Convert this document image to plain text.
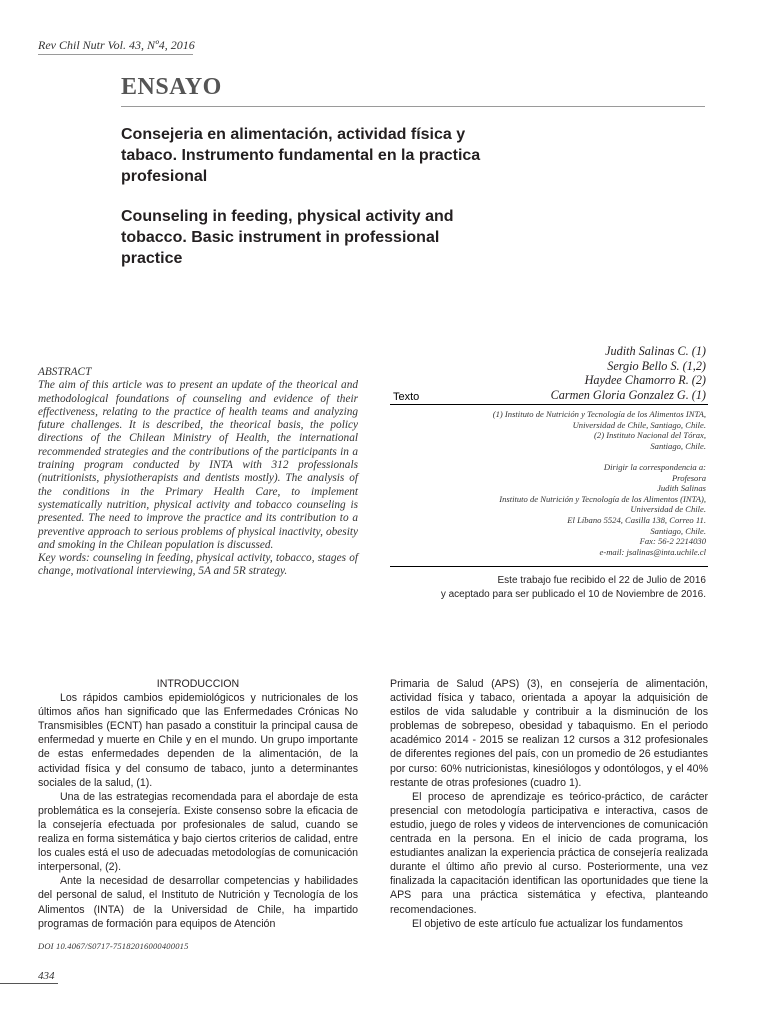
Rev Chil Nutr Vol. 43, Nº4, 2016
ENSAYO
Consejeria en alimentación, actividad física y tabaco. Instrumento fundamental en la practica profesional
Counseling in feeding, physical activity and tobacco. Basic instrument in professional practice

ABSTRACT

The aim of this article was to present an update of the theorical and methodological foundations of counseling and evidence of their effectiveness, relating to the practice of health teams and analyzing future challenges. It is described, the theorical basis, the policy directions of the Chilean Ministry of Health, the international recommended strategies and the contributions of the participants in a training program conducted by INTA with 312 professionals (nutritionists, physiotherapists and dentists mostly). The analysis of the conditions in the Primary Health Care, to implement systematically nutrition, physical activity and tobacco counseling is presented. The need to improve the practice and its contribution to a preventive approach to serious problems of physical inactivity, obesity and smoking in the Chilean population is discussed.

Key words: counseling in feeding, physical activity, tobacco, stages of change, motivational interviewing, 5A and 5R strategy.

Judith Salinas C. (1)
Sergio Bello S. (1,2)
Haydee Chamorro R. (2)
Carmen Gloria Gonzalez G. (1)
Texto
(1) Instituto de Nutrición y Tecnología de los Alimentos INTA,
Universidad de Chile, Santiago, Chile.
(2) Instituto Nacional del Tórax,
Santiago, Chile.
Dirigir la correspondencia a:
Profesora
Judith Salinas
Instituto de Nutrición y Tecnología de los Alimentos (INTA),
Universidad de Chile.
El Líbano 5524, Casilla 138, Correo 11.
Santiago, Chile.
Fax: 56-2 2214030
e-mail: jsalinas@inta.uchile.cl
Este trabajo fue recibido el 22 de Julio de 2016
y aceptado para ser publicado el 10 de Noviembre de 2016.
INTRODUCCION

Los rápidos cambios epidemiológicos y nutricionales de los últimos años han significado que las Enfermedades Crónicas No Transmisibles (ECNT) han pasado a constituir la principal causa de enfermedad y muerte en Chile y en el mundo. Un grupo importante de estas enfermedades dependen de la alimentación, de la actividad física y del consumo de tabaco, junto a determinantes sociales de la salud, (1).

Una de las estrategias recomendada para el abordaje de esta problemática es la consejería. Existe consenso sobre la eficacia de la consejería efectuada por profesionales de salud, cuando se realiza en forma sistemática y bajo ciertos criterios de calidad, entre los cuales está el uso de adecuadas metodologías de comunicación interpersonal, (2).

Ante la necesidad de desarrollar competencias y habilidades del personal de salud, el Instituto de Nutrición y Tecnología de los Alimentos (INTA) de la Universidad de Chile, ha impartido programas de formación para equipos de Atención

Primaria de Salud (APS) (3), en consejería de alimentación, actividad física y tabaco, orientada a apoyar la adquisición de estilos de vida saludable y contribuir a la disminución de los problemas de sobrepeso, obesidad y tabaquismo. En el periodo académico 2014 - 2015 se realizan 12 cursos a 312 profesionales de diferentes regiones del país, con un promedio de 26 estudiantes por curso: 60% nutricionistas, kinesiólogos y odontólogos, y el 40% restante de otras profesiones (cuadro 1).

El proceso de aprendizaje es teórico-práctico, de carácter presencial con metodología participativa e interactiva, casos de estudio, juego de roles y videos de intervenciones de comunicación centrada en la persona. En el inicio de cada programa, los estudiantes analizan la experiencia práctica de consejería realizada durante el último año previo al curso. Posteriormente, una vez finalizada la capacitación identifican las oportunidades que tiene la APS para una práctica sistemática y efectiva, planteando recomendaciones.

El objetivo de este artículo fue actualizar los fundamentos

DOI 10.4067/S0717-75182016000400015
434
